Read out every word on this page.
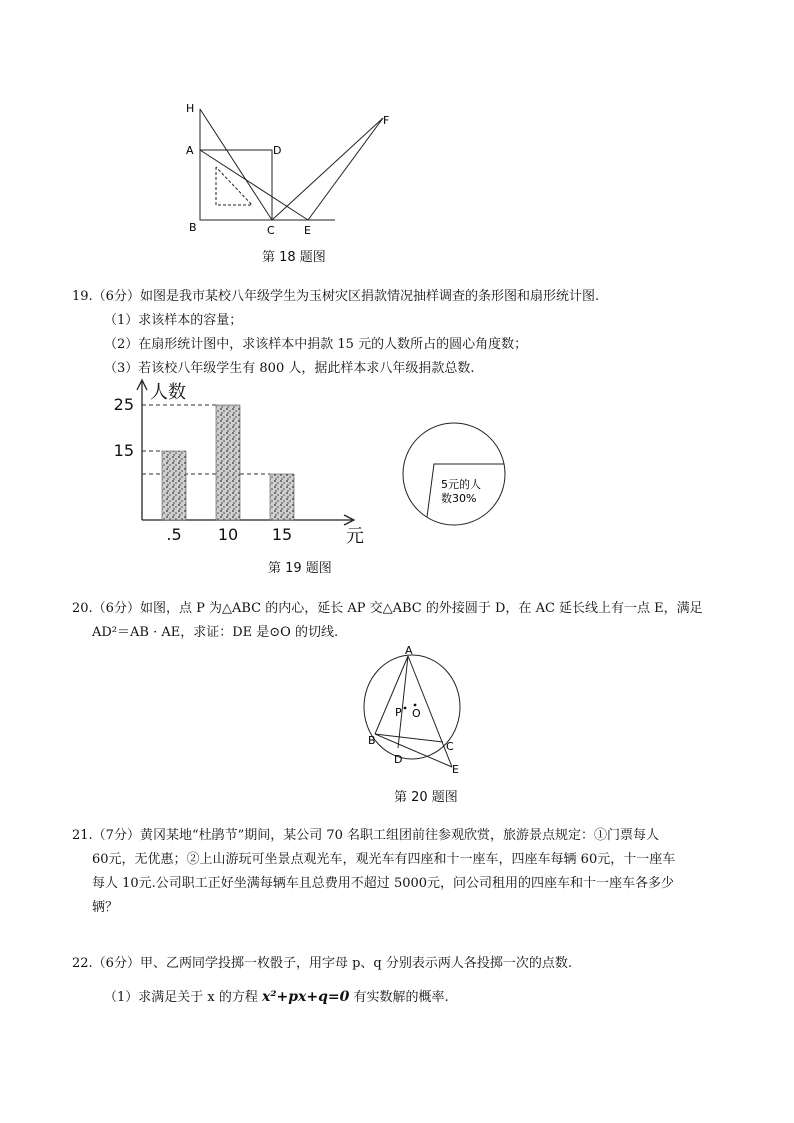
H
A	D
F
B	C	E
第 18 题图

19.（6分）如图是我市某校八年级学生为玉树灾区捐款情况抽样调查的条形图和扇形统计图.

（1）求该样本的容量；

（2）在扇形统计图中，求该样本中捐款 15 元的人数所占的圆心角度数；

（3）若该校八年级学生有 800 人，据此样本求八年级捐款总数.

.5 10 15
25
15
人数
元
第 19 题图
5元的人
数30%

20.（6分）如图，点 P 为△ABC 的内心，延长 AP 交△ABC 的外接圆于 D，在 AC 延长线上有一点 E，满足

AD²＝AB · AE，求证：DE 是⊙O 的切线.

A
P O
B	C
D
E
第 20 题图

21.（7分）黄冈某地“杜鹃节”期间，某公司 70 名职工组团前往参观欣赏，旅游景点规定：①门票每人

60元，无优惠；②上山游玩可坐景点观光车，观光车有四座和十一座车，四座车每辆 60元，十一座车

每人 10元.公司职工正好坐满每辆车且总费用不超过 5000元，问公司租用的四座车和十一座车各多少

辆？

22.（6分）甲、乙两同学投掷一枚骰子，用字母 p、q 分别表示两人各投掷一次的点数.

（1）求满足关于 x 的方程 x²+px+q=0 有实数解的概率.
